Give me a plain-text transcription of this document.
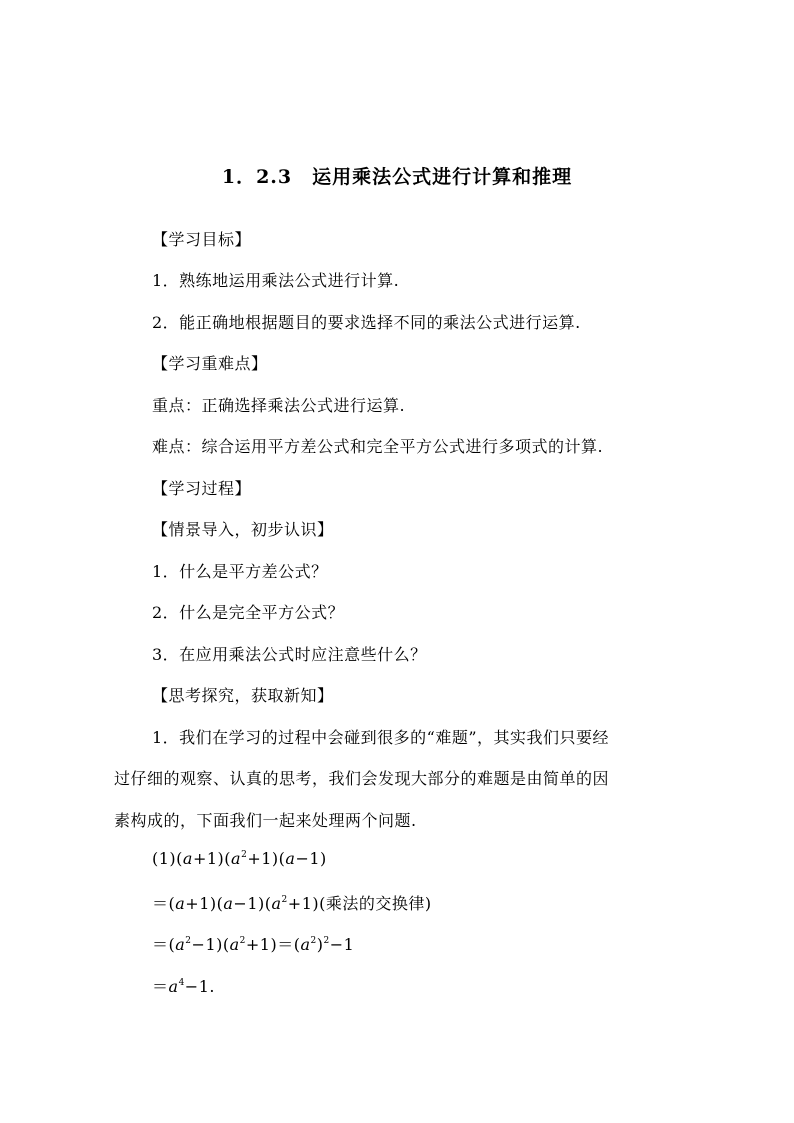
1．2.3　运用乘法公式进行计算和推理
【学习目标】
1．熟练地运用乘法公式进行计算.
2．能正确地根据题目的要求选择不同的乘法公式进行运算.
【学习重难点】
重点：正确选择乘法公式进行运算.
难点：综合运用平方差公式和完全平方公式进行多项式的计算.
【学习过程】
【情景导入，初步认识】
1．什么是平方差公式？
2．什么是完全平方公式？
3．在应用乘法公式时应注意些什么？
【思考探究，获取新知】
1．我们在学习的过程中会碰到很多的“难题”，其实我们只要经
过仔细的观察、认真的思考，我们会发现大部分的难题是由简单的因
素构成的，下面我们一起来处理两个问题.
$(1)(a+1)(a^2+1)(a-1)$
$=(a+1)(a-1)(a^2+1)$(乘法的交换律)
$=(a^2-1)(a^2+1)=(a^2)^2-1$
$=a^4-1$.
